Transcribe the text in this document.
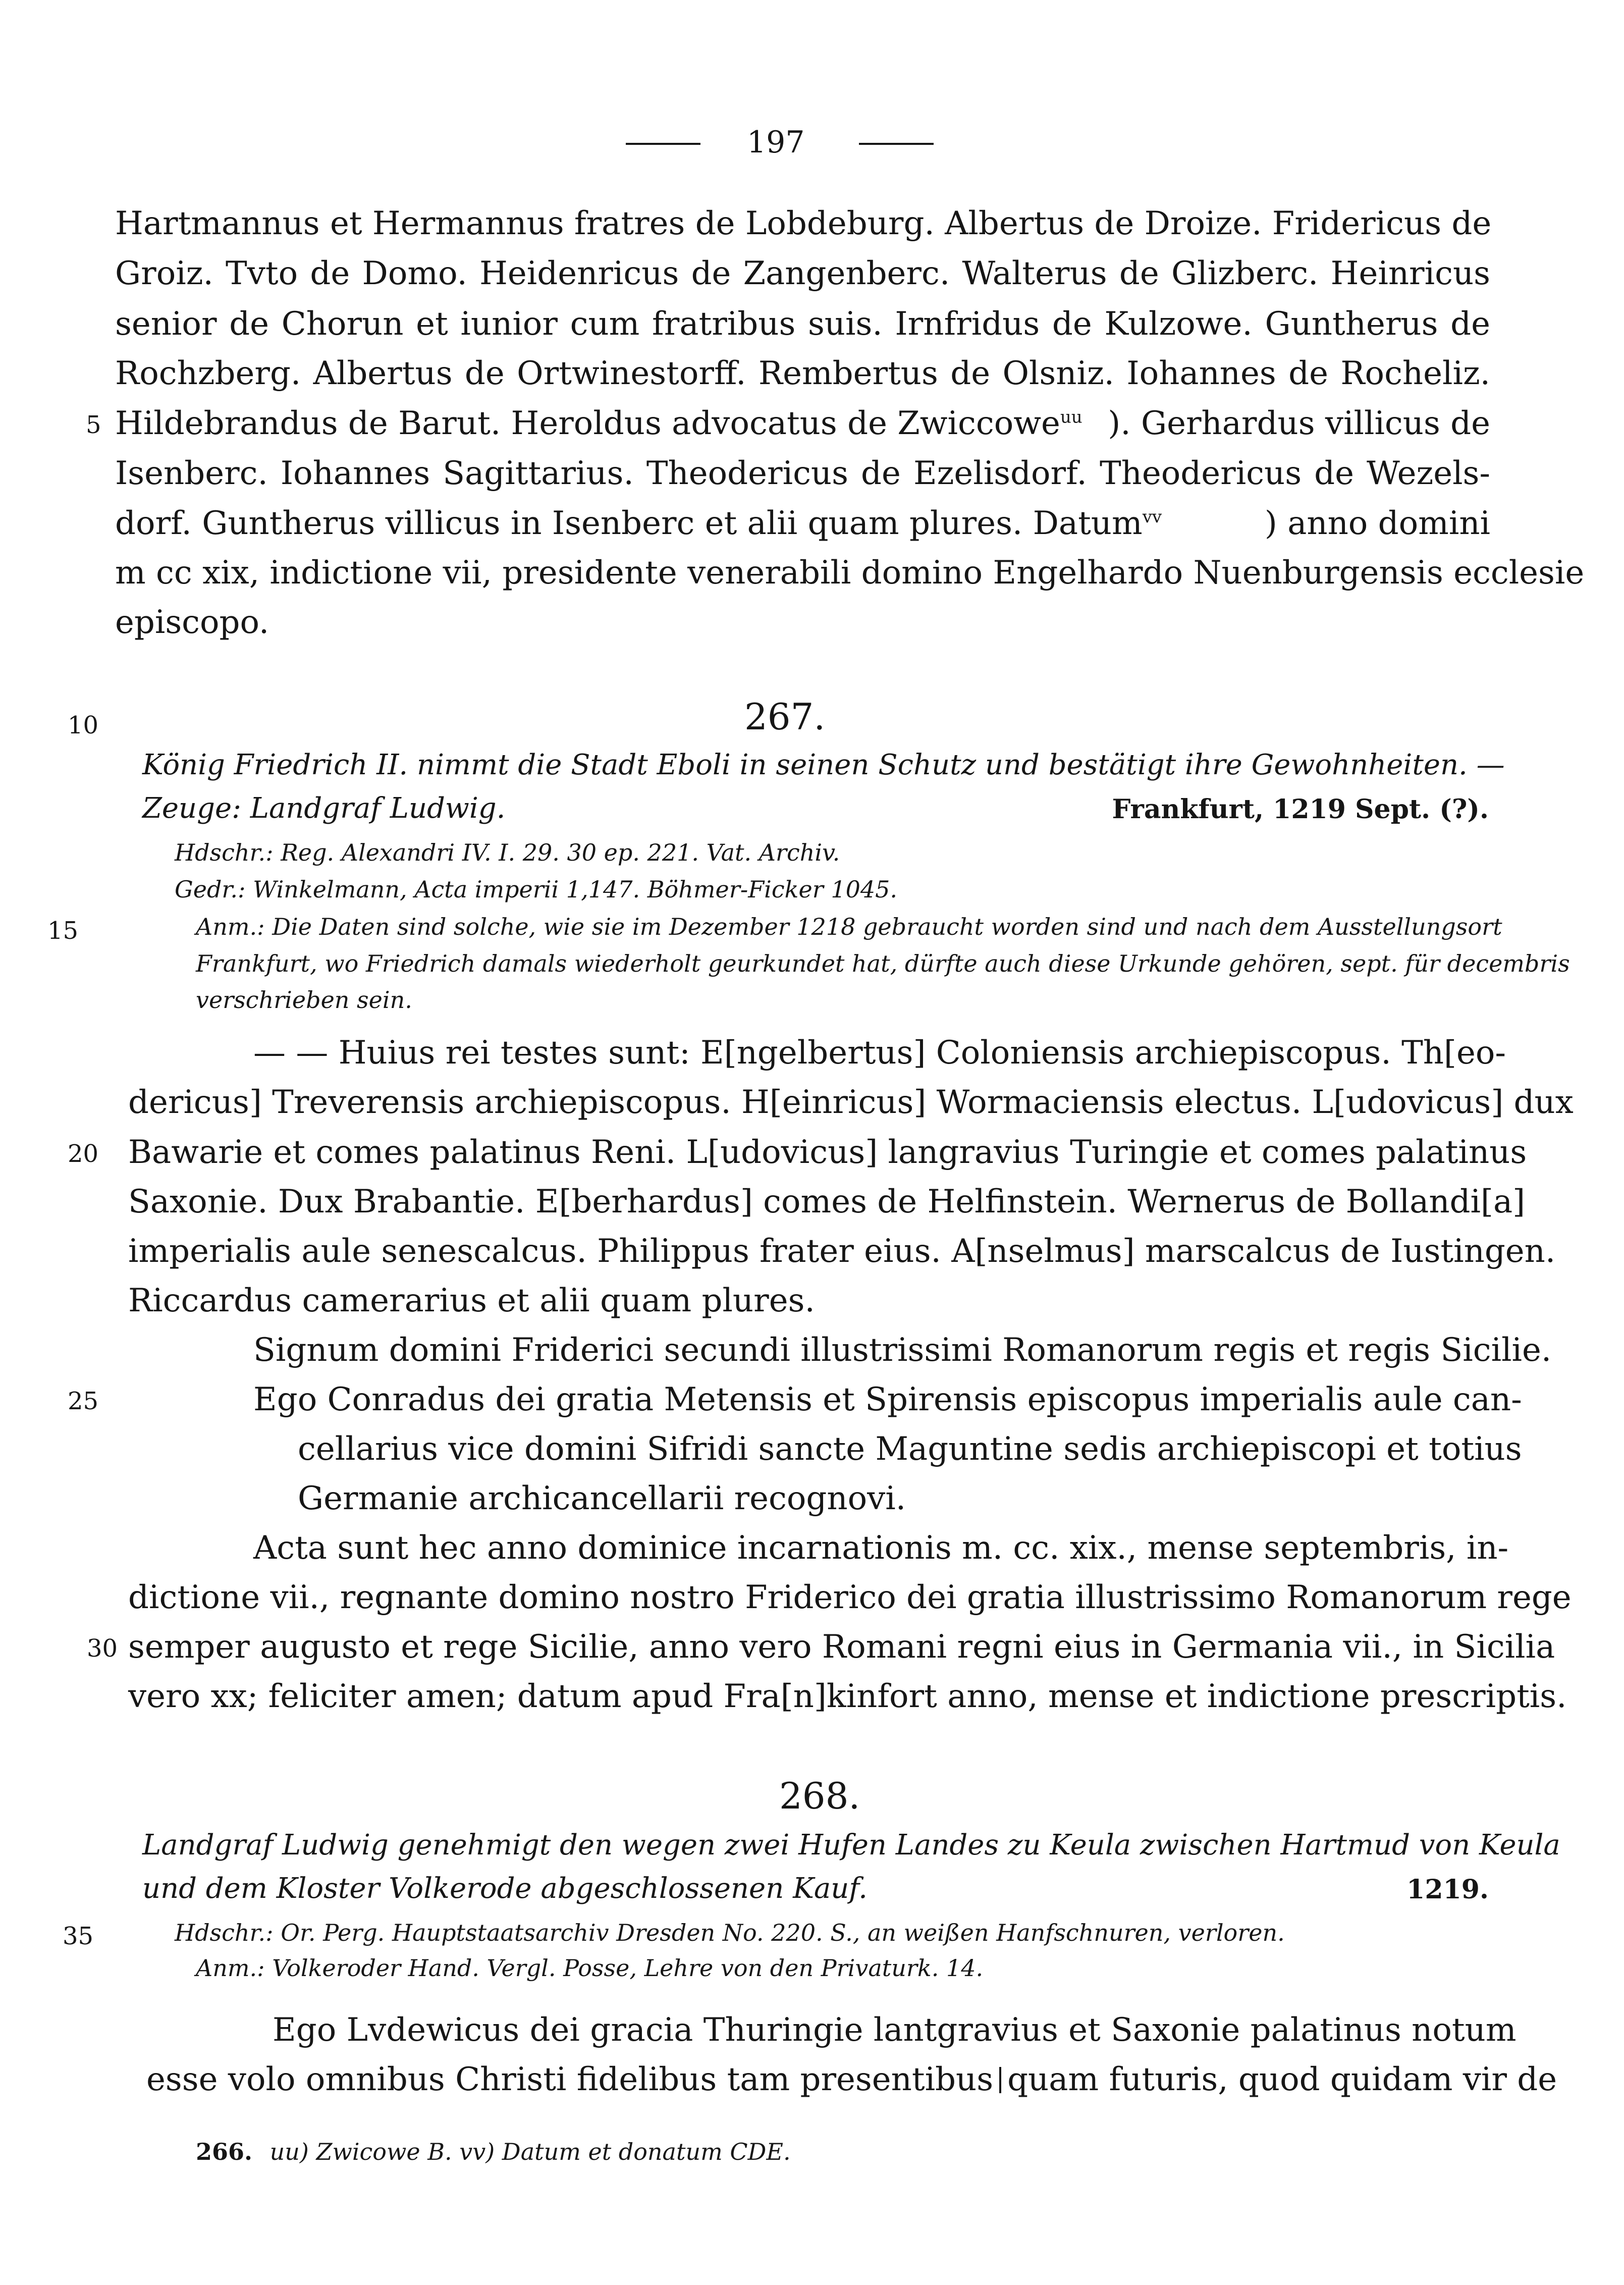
197
Hartmannus et Hermannus fratres de Lobdeburg. Albertus de Droize. Fridericus de
Groiz. Tvto de Domo. Heidenricus de Zangenberc. Walterus de Glizberc. Heinricus
senior de Chorun et iunior cum fratribus suis. Irnfridus de Kulzowe. Guntherus de
Rochzberg. Albertus de Ortwinestorff. Rembertus de Olsniz. Iohannes de Rocheliz.
5 Hildebrandus de Barut. Heroldus advocatus de Zwiccowe$^{uu}$ ). Gerhardus villicus de
Isenberc. Iohannes Sagittarius. Theodericus de Ezelisdorf. Theodericus de Wezels-
dorf. Guntherus villicus in Isenberc et alii quam plures. Datum$^{vv}$	) anno domini
m cc xix, indictione vii, presidente venerabili domino Engelhardo Nuenburgensis ecclesie
episcopo.
10	267.
König Friedrich II. nimmt die Stadt Eboli in seinen Schutz und bestätigt ihre Gewohnheiten. —
Zeuge: Landgraf Ludwig.	Frankfurt, 1219 Sept. (?).
Hdschr.: Reg. Alexandri IV. I. 29. 30 ep. 221. Vat. Archiv.
Gedr.: Winkelmann, Acta imperii 1,147. Böhmer-Ficker 1045.
15	Anm.: Die Daten sind solche, wie sie im Dezember 1218 gebraucht worden sind und nach dem Ausstellungsort
Frankfurt, wo Friedrich damals wiederholt geurkundet hat, dürfte auch diese Urkunde gehören, sept. für decembris
verschrieben sein.
— — Huius rei testes sunt: E[ngelbertus] Coloniensis archiepiscopus. Th[eo-
dericus] Treverensis archiepiscopus. H[einricus] Wormaciensis electus. L[udovicus] dux
20 Bawarie et comes palatinus Reni. L[udovicus] langravius Turingie et comes palatinus
Saxonie. Dux Brabantie. E[berhardus] comes de Helfinstein. Wernerus de Bollandi[a]
imperialis aule senescalcus. Philippus frater eius. A[nselmus] marscalcus de Iustingen.
Riccardus camerarius et alii quam plures.
Signum domini Friderici secundi illustrissimi Romanorum regis et regis Sicilie.
25	Ego Conradus dei gratia Metensis et Spirensis episcopus imperialis aule can-
cellarius vice domini Sifridi sancte Maguntine sedis archiepiscopi et totius
Germanie archicancellarii recognovi.
Acta sunt hec anno dominice incarnationis m. cc. xix., mense septembris, in-
dictione vii., regnante domino nostro Friderico dei gratia illustrissimo Romanorum rege
30 semper augusto et rege Sicilie, anno vero Romani regni eius in Germania vii., in Sicilia
vero xx; feliciter amen; datum apud Fra[n]kinfort anno, mense et indictione prescriptis.
268.
Landgraf Ludwig genehmigt den wegen zwei Hufen Landes zu Keula zwischen Hartmud von Keula
und dem Kloster Volkerode abgeschlossenen Kauf.	1219.
35	Hdschr.: Or. Perg. Hauptstaatsarchiv Dresden No. 220. S., an weißen Hanfschnuren, verloren.
Anm.: Volkeroder Hand. Vergl. Posse, Lehre von den Privaturk. 14.
Ego Lvdewicus dei gracia Thuringie lantgravius et Saxonie palatinus notum
esse volo omnibus Christi fidelibus tam presentibus quam futuris, quod quidam vir de
266. uu) Zwicowe B. vv) Datum et donatum CDE.
